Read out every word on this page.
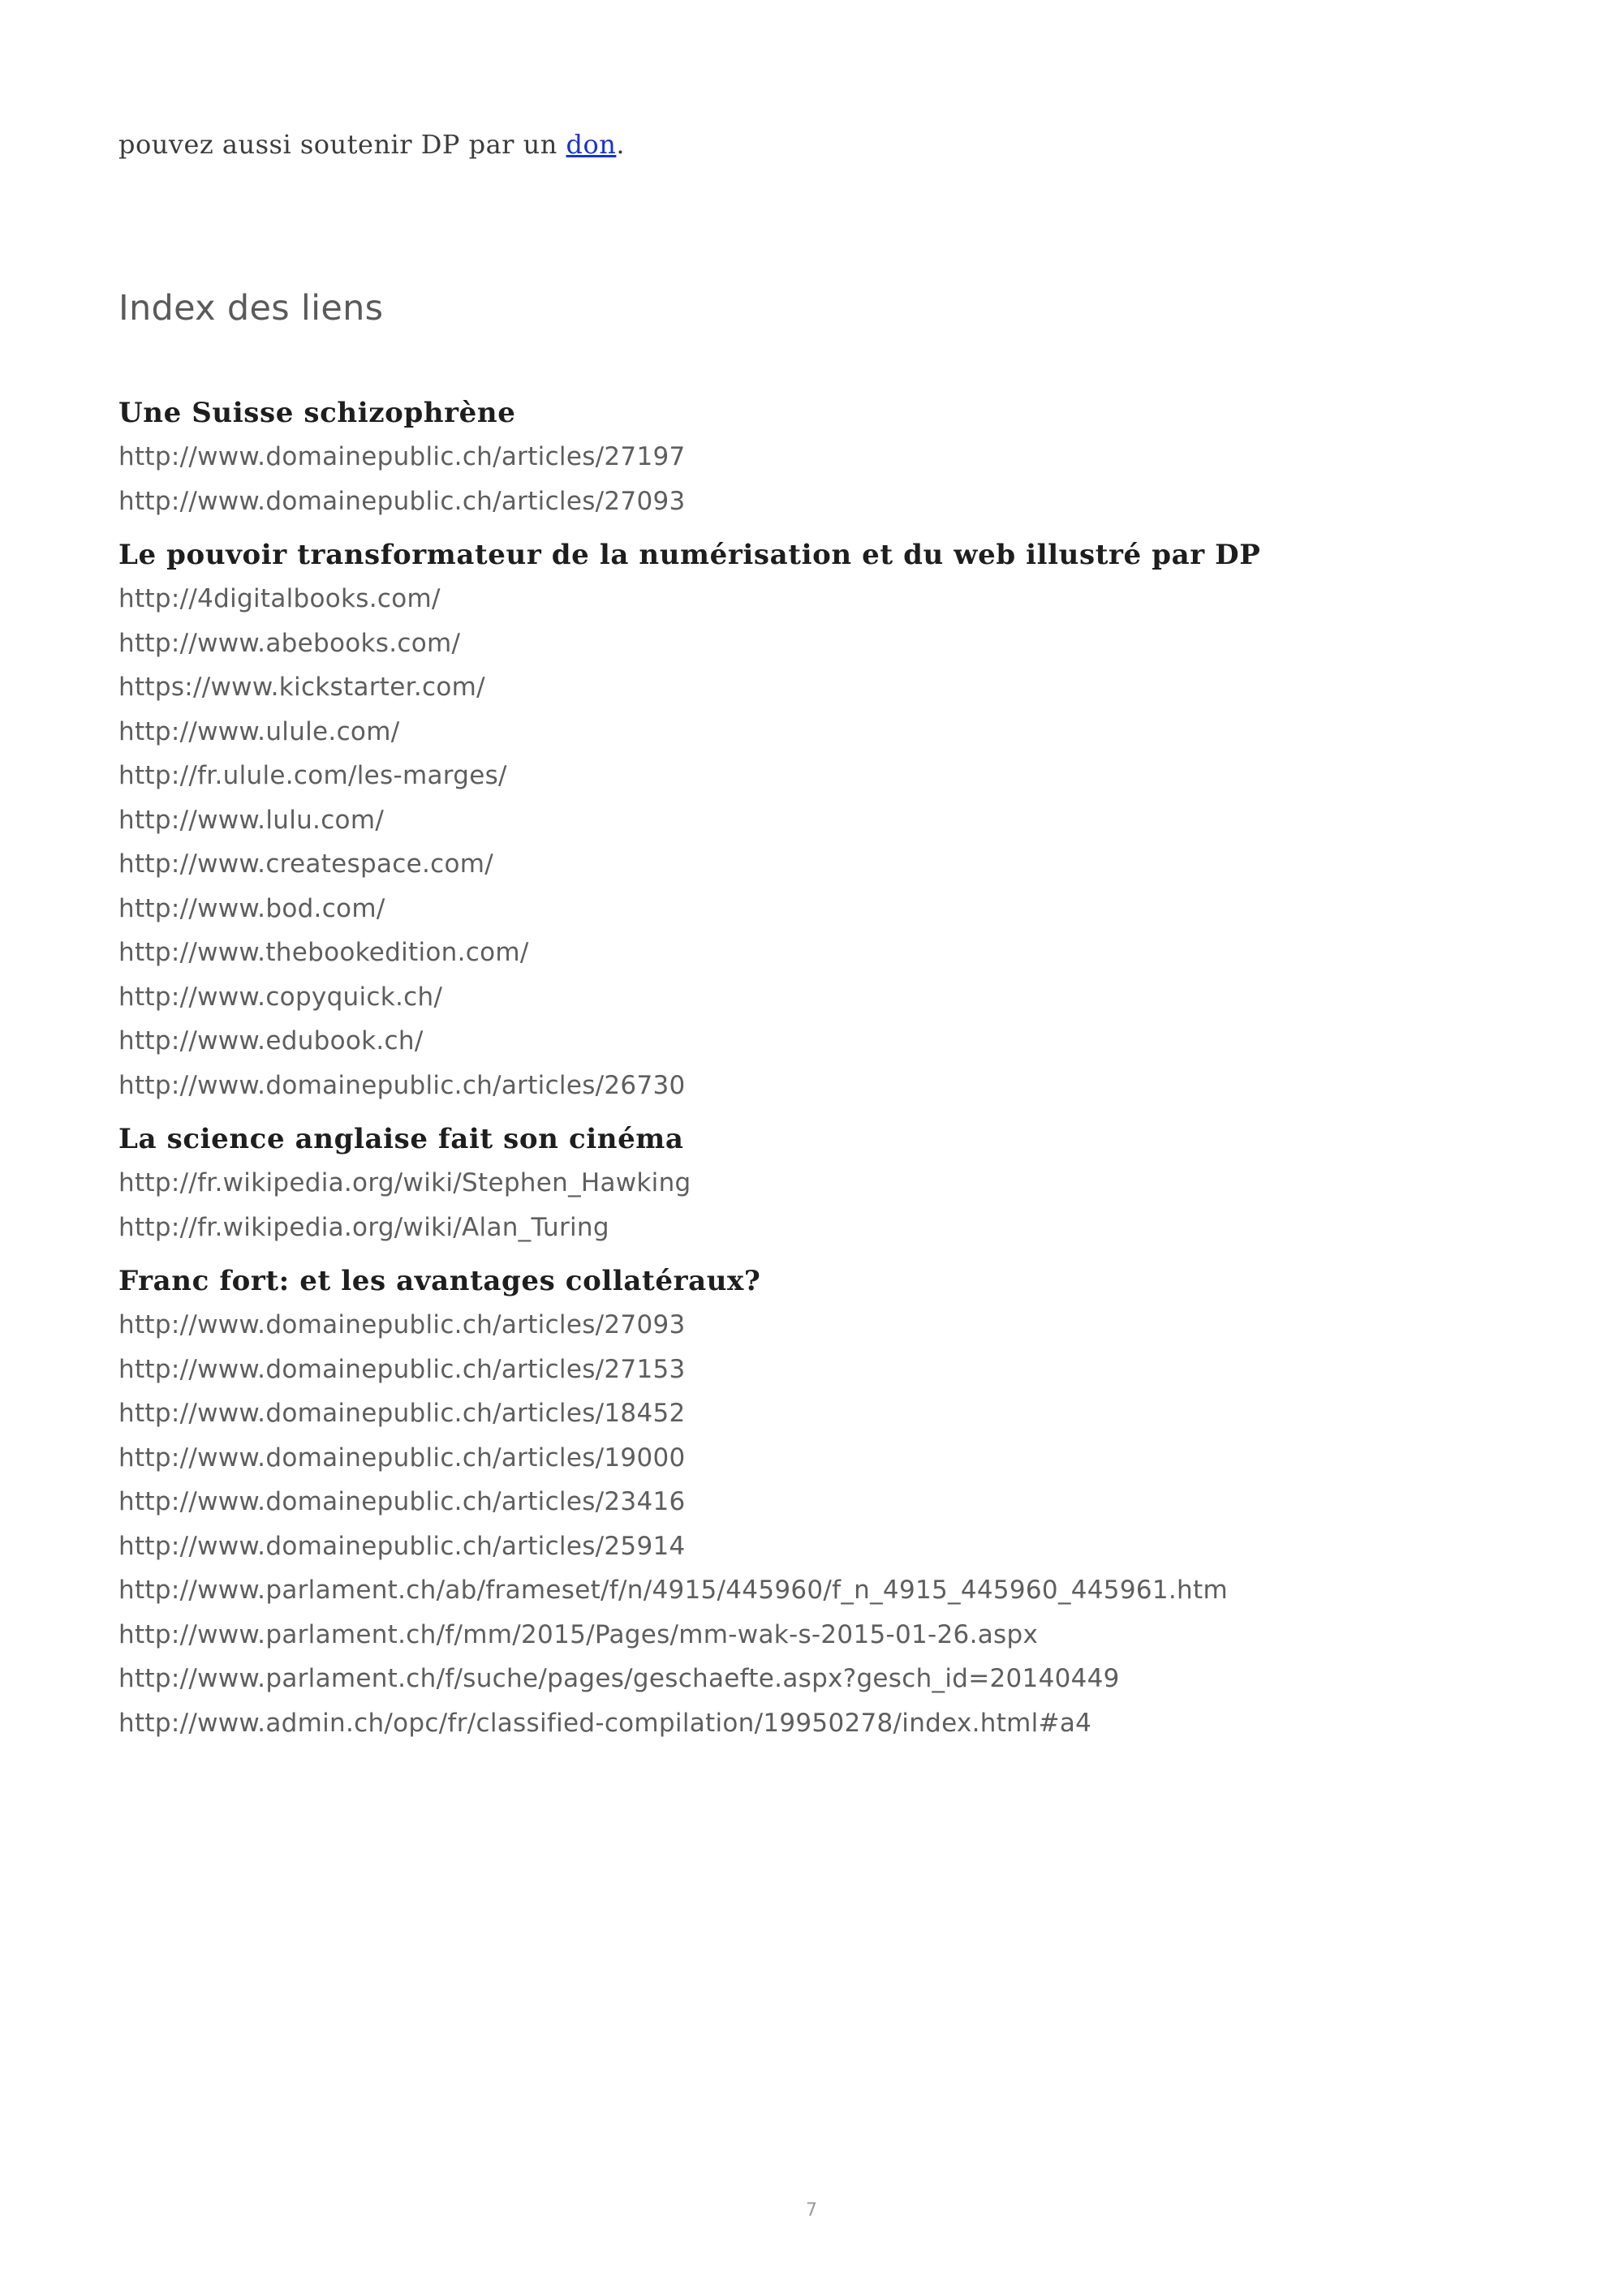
pouvez aussi soutenir DP par un don.

Index des liens
Une Suisse schizophrène
http://www.domainepublic.ch/articles/27197
http://www.domainepublic.ch/articles/27093
Le pouvoir transformateur de la numérisation et du web illustré par DP
http://4digitalbooks.com/
http://www.abebooks.com/
https://www.kickstarter.com/
http://www.ulule.com/
http://fr.ulule.com/les-marges/
http://www.lulu.com/
http://www.createspace.com/
http://www.bod.com/
http://www.thebookedition.com/
http://www.copyquick.ch/
http://www.edubook.ch/
http://www.domainepublic.ch/articles/26730
La science anglaise fait son cinéma
http://fr.wikipedia.org/wiki/Stephen_Hawking
http://fr.wikipedia.org/wiki/Alan_Turing
Franc fort: et les avantages collatéraux?
http://www.domainepublic.ch/articles/27093
http://www.domainepublic.ch/articles/27153
http://www.domainepublic.ch/articles/18452
http://www.domainepublic.ch/articles/19000
http://www.domainepublic.ch/articles/23416
http://www.domainepublic.ch/articles/25914
http://www.parlament.ch/ab/frameset/f/n/4915/445960/f_n_4915_445960_445961.htm
http://www.parlament.ch/f/mm/2015/Pages/mm-wak-s-2015-01-26.aspx
http://www.parlament.ch/f/suche/pages/geschaefte.aspx?gesch_id=20140449
http://www.admin.ch/opc/fr/classified-compilation/19950278/index.html#a4
7
